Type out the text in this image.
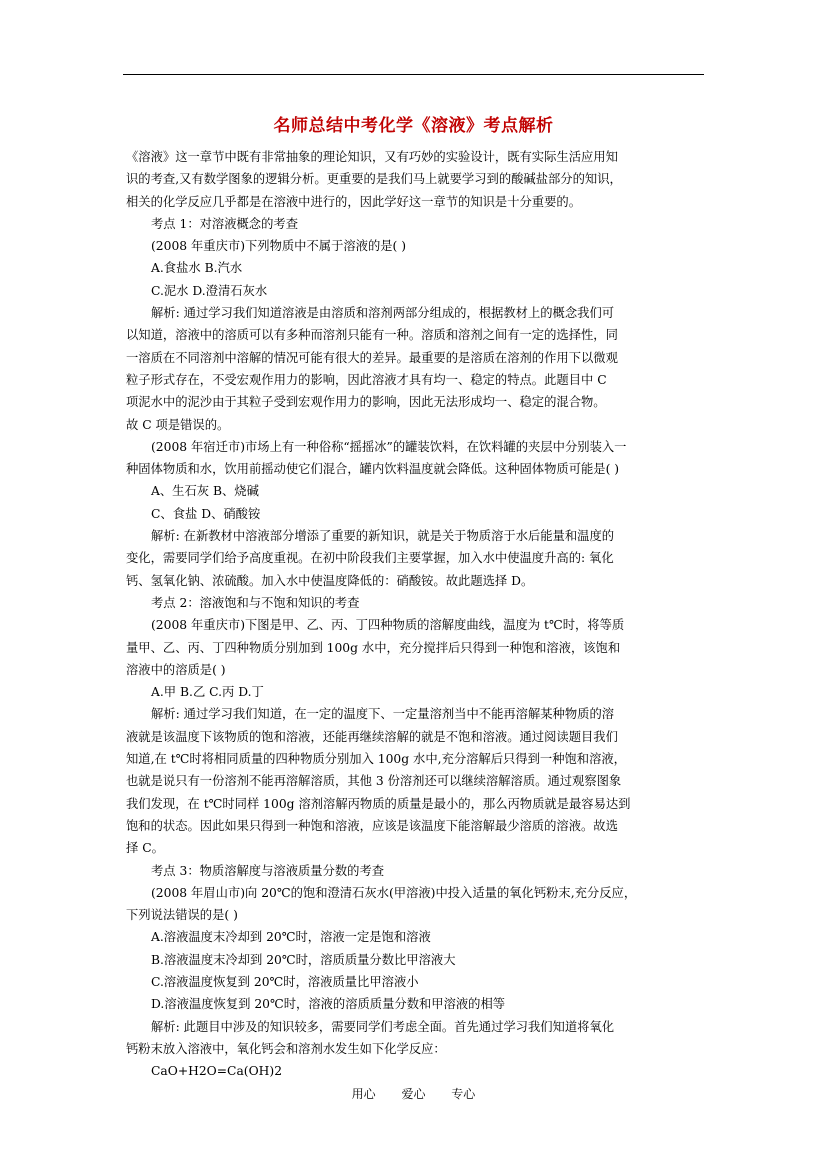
名师总结中考化学《溶液》考点解析
《溶液》这一章节中既有非常抽象的理论知识，又有巧妙的实验设计，既有实际生活应用知
识的考查,又有数学图象的逻辑分析。更重要的是我们马上就要学习到的酸碱盐部分的知识，
相关的化学反应几乎都是在溶液中进行的，因此学好这一章节的知识是十分重要的。
考点 1：对溶液概念的考查
(2008 年重庆市)下列物质中不属于溶液的是( )
A.食盐水 B.汽水
C.泥水 D.澄清石灰水
解析: 通过学习我们知道溶液是由溶质和溶剂两部分组成的，根据教材上的概念我们可
以知道，溶液中的溶质可以有多种而溶剂只能有一种。溶质和溶剂之间有一定的选择性，同
一溶质在不同溶剂中溶解的情况可能有很大的差异。最重要的是溶质在溶剂的作用下以微观
粒子形式存在，不受宏观作用力的影响，因此溶液才具有均一、稳定的特点。此题目中 C
项泥水中的泥沙由于其粒子受到宏观作用力的影响，因此无法形成均一、稳定的混合物。
故 C 项是错误的。
(2008 年宿迁市)市场上有一种俗称“摇摇冰”的罐装饮料，在饮料罐的夹层中分别装入一
种固体物质和水，饮用前摇动使它们混合，罐内饮料温度就会降低。这种固体物质可能是( )
A、生石灰 B、烧碱
C、食盐 D、硝酸铵
解析: 在新教材中溶液部分增添了重要的新知识，就是关于物质溶于水后能量和温度的
变化，需要同学们给予高度重视。在初中阶段我们主要掌握，加入水中使温度升高的: 氧化
钙、氢氧化钠、浓硫酸。加入水中使温度降低的：硝酸铵。故此题选择 D。
考点 2：溶液饱和与不饱和知识的考查
(2008 年重庆市)下图是甲、乙、丙、丁四种物质的溶解度曲线，温度为 t℃时，将等质
量甲、乙、丙、丁四种物质分别加到 100g 水中，充分搅拌后只得到一种饱和溶液，该饱和
溶液中的溶质是( )
A.甲 B.乙 C.丙 D.丁
解析: 通过学习我们知道，在一定的温度下、一定量溶剂当中不能再溶解某种物质的溶
液就是该温度下该物质的饱和溶液，还能再继续溶解的就是不饱和溶液。通过阅读题目我们
知道,在 t℃时将相同质量的四种物质分别加入 100g 水中,充分溶解后只得到一种饱和溶液，
也就是说只有一份溶剂不能再溶解溶质，其他 3 份溶剂还可以继续溶解溶质。通过观察图象
我们发现，在 t℃时同样 100g 溶剂溶解丙物质的质量是最小的，那么丙物质就是最容易达到
饱和的状态。因此如果只得到一种饱和溶液，应该是该温度下能溶解最少溶质的溶液。故选
择 C。
考点 3：物质溶解度与溶液质量分数的考查
(2008 年眉山市)向 20℃的饱和澄清石灰水(甲溶液)中投入适量的氧化钙粉末,充分反应，
下列说法错误的是( )
A.溶液温度末冷却到 20℃时，溶液一定是饱和溶液
B.溶液温度末冷却到 20℃时，溶质质量分数比甲溶液大
C.溶液温度恢复到 20℃时，溶液质量比甲溶液小
D.溶液温度恢复到 20℃时，溶液的溶质质量分数和甲溶液的相等
解析: 此题目中涉及的知识较多，需要同学们考虑全面。首先通过学习我们知道将氧化
钙粉末放入溶液中，氧化钙会和溶剂水发生如下化学反应：
CaO+H2O=Ca(OH)2
用心 爱心 专心
